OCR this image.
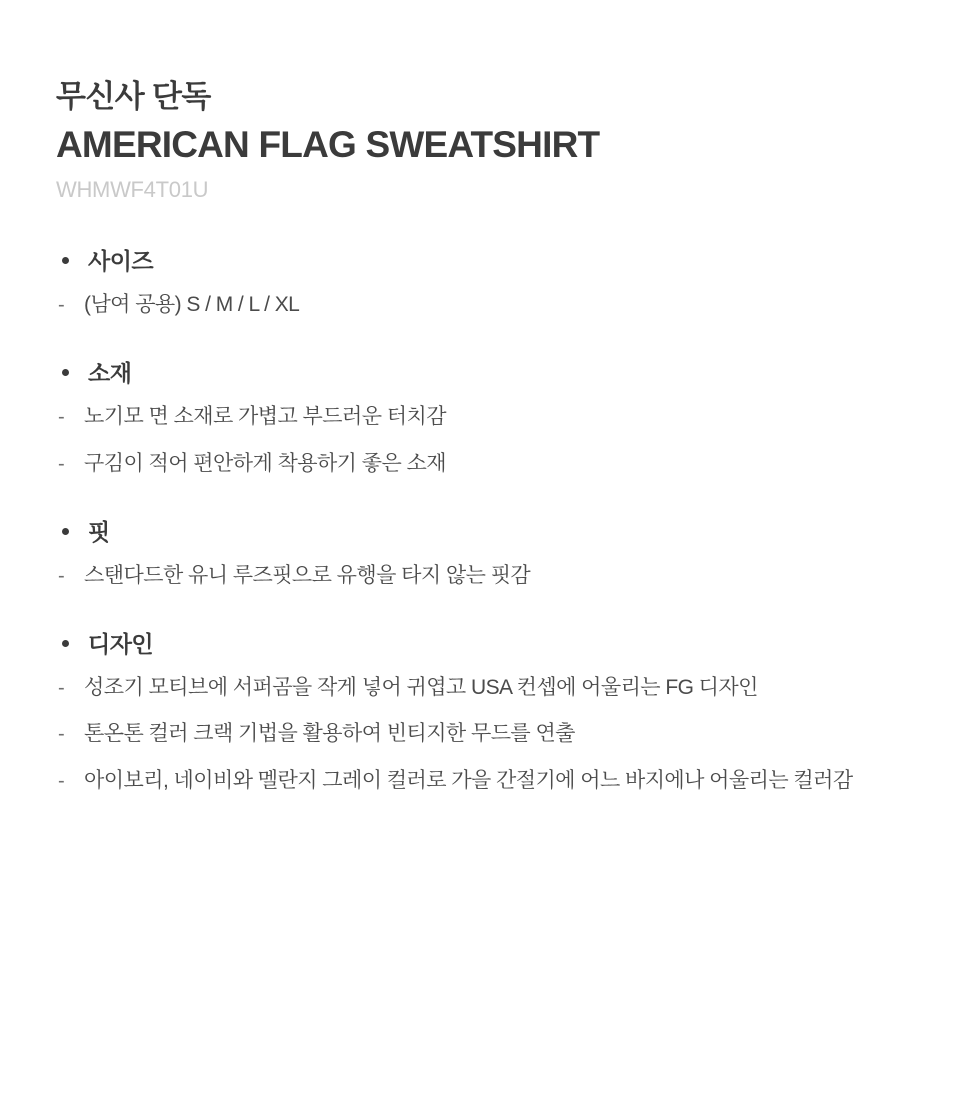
무신사 단독
AMERICAN FLAG SWEATSHIRT
WHMWF4T01U
사이즈
- (남여 공용) S / M / L / XL
소재
- 노기모 면 소재로 가볍고 부드러운 터치감
- 구김이 적어 편안하게 착용하기 좋은 소재
핏
- 스탠다드한 유니 루즈핏으로 유행을 타지 않는 핏감
디자인
- 성조기 모티브에 서퍼곰을 작게 넣어 귀엽고 USA 컨셉에 어울리는 FG 디자인
- 톤온톤 컬러 크랙 기법을 활용하여 빈티지한 무드를 연출
- 아이보리, 네이비와 멜란지 그레이 컬러로 가을 간절기에 어느 바지에나 어울리는 컬러감
